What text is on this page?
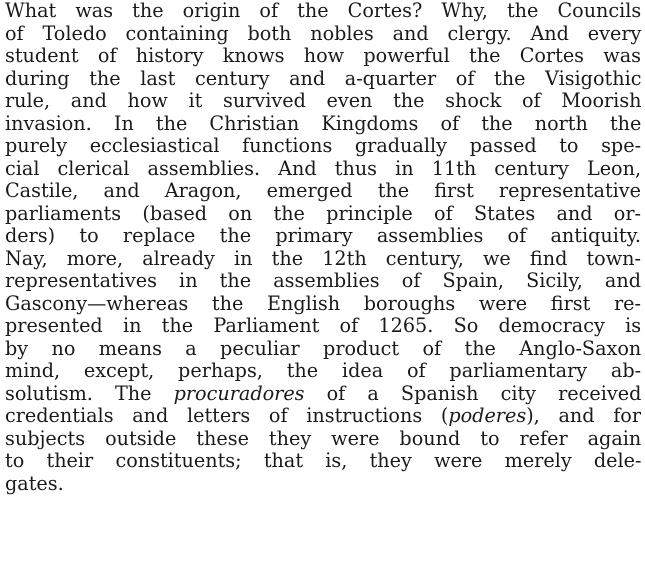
What was the origin of the Cortes? Why, the Councils
of Toledo containing both nobles and clergy. And every
student of history knows how powerful the Cortes was
during the last century and a-quarter of the Visigothic
rule, and how it survived even the shock of Moorish
invasion. In the Christian Kingdoms of the north the
purely ecclesiastical functions gradually passed to spe-
cial clerical assemblies. And thus in 11th century Leon,
Castile, and Aragon, emerged the first representative
parliaments (based on the principle of States and or-
ders) to replace the primary assemblies of antiquity.
Nay, more, already in the 12th century, we find town-
representatives in the assemblies of Spain, Sicily, and
Gascony—whereas the English boroughs were first re-
presented in the Parliament of 1265. So democracy is
by no means a peculiar product of the Anglo-Saxon
mind, except, perhaps, the idea of parliamentary ab-
solutism. The procuradores of a Spanish city received
credentials and letters of instructions (poderes), and for
subjects outside these they were bound to refer again
to their constituents; that is, they were merely dele-
gates.
